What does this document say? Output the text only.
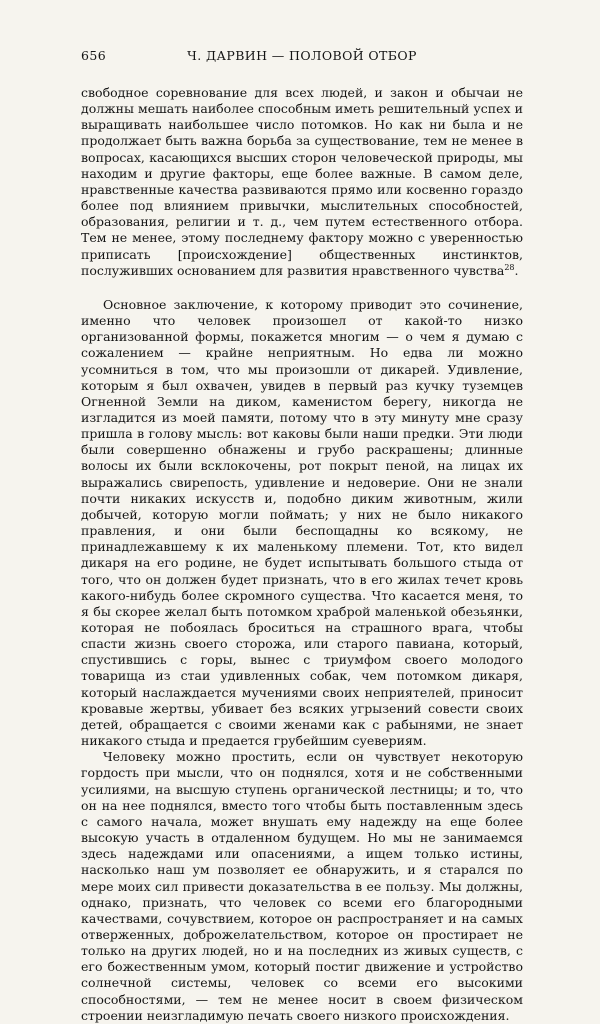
656	Ч. ДАРВИН — ПОЛОВОЙ ОТБОР

свободное соревнование для всех людей, и закон и обычаи не должны мешать наиболее способным иметь решительный успех и выращивать наибольшее число потомков. Но как ни была и не продолжает быть важна борьба за существование, тем не менее в вопросах, касающихся высших сторон человеческой природы, мы находим и другие факторы, еще более важные. В самом деле, нравственные качества развиваются прямо или косвенно гораздо более под влиянием привычки, мыслительных способностей, образования, религии и т. д., чем путем естественного отбора. Тем не менее, этому последнему фактору можно с уверенностью приписать [происхождение] общественных инстинктов, послуживших основанием для развития нравственного чувства$^{28}$.

Основное заключение, к которому приводит это сочинение, именно что человек произошел от какой-то низко организованной формы, покажется многим — о чем я думаю с сожалением — крайне неприятным. Но едва ли можно усомниться в том, что мы произошли от дикарей. Удивление, которым я был охвачен, увидев в первый раз кучку туземцев Огненной Земли на диком, каменистом берегу, никогда не изгладится из моей памяти, потому что в эту минуту мне сразу пришла в голову мысль: вот каковы были наши предки. Эти люди были совершенно обнажены и грубо раскрашены; длинные волосы их были всклокочены, рот покрыт пеной, на лицах их выражались свирепость, удивление и недоверие. Они не знали почти никаких искусств и, подобно диким животным, жили добычей, которую могли поймать; у них не было никакого правления, и они были беспощадны ко всякому, не принадлежавшему к их маленькому племени. Тот, кто видел дикаря на его родине, не будет испытывать большого стыда от того, что он должен будет признать, что в его жилах течет кровь какого-нибудь более скромного существа. Что касается меня, то я бы скорее желал быть потомком храброй маленькой обезьянки, которая не побоялась броситься на страшного врага, чтобы спасти жизнь своего сторожа, или старого павиана, который, спустившись с горы, вынес с триумфом своего молодого товарища из стаи удивленных собак, чем потомком дикаря, который наслаждается мучениями своих неприятелей, приносит кровавые жертвы, убивает без всяких угрызений совести своих детей, обращается с своими женами как с рабынями, не знает никакого стыда и предается грубейшим суевериям.

Человеку можно простить, если он чувствует некоторую гордость при мысли, что он поднялся, хотя и не собственными усилиями, на высшую ступень органической лестницы; и то, что он на нее поднялся, вместо того чтобы быть поставленным здесь с самого начала, может внушать ему надежду на еще более высокую участь в отдаленном будущем. Но мы не занимаемся здесь надеждами или опасениями, а ищем только истины, насколько наш ум позволяет ее обнаружить, и я старался по мере моих сил привести доказательства в ее пользу. Мы должны, однако, признать, что человек со всеми его благородными качествами, сочувствием, которое он распространяет и на самых отверженных, доброжелательством, которое он простирает не только на других людей, но и на последних из живых существ, с его божественным умом, который постиг движение и устройство солнечной системы, человек со всеми его высокими способностями, — тем не менее носит в своем физическом строении неизгладимую печать своего низкого происхождения.
